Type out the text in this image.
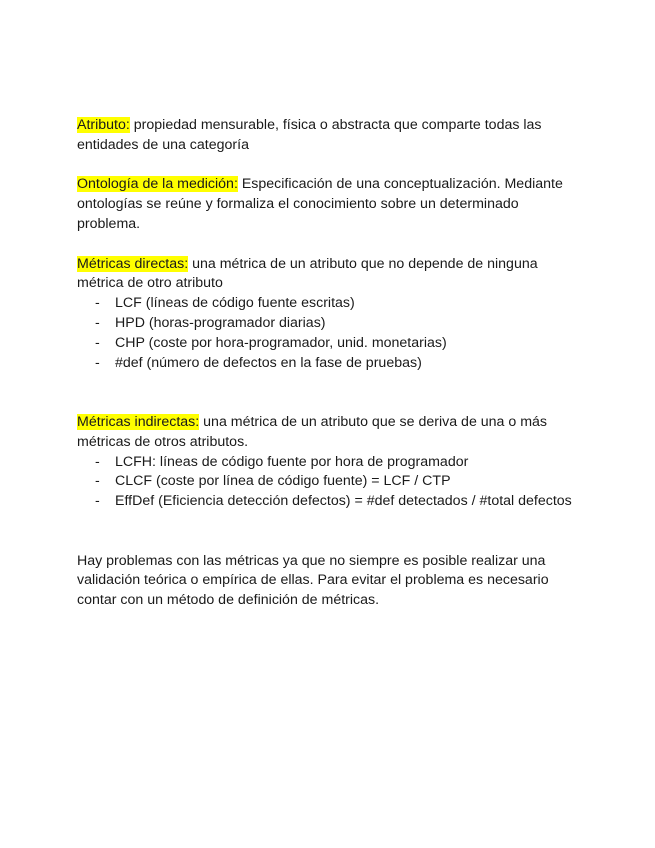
Atributo: propiedad mensurable, física o abstracta que comparte todas las entidades de una categoría

Ontología de la medición: Especificación de una conceptualización. Mediante ontologías se reúne y formaliza el conocimiento sobre un determinado problema.

Métricas directas: una métrica de un atributo que no depende de ninguna métrica de otro atributo

- LCF (líneas de código fuente escritas)
- HPD (horas-programador diarias)
- CHP (coste por hora-programador, unid. monetarias)
- #def (número de defectos en la fase de pruebas)

Métricas indirectas: una métrica de un atributo que se deriva de una o más métricas de otros atributos.

- LCFH: líneas de código fuente por hora de programador
- CLCF (coste por línea de código fuente) = LCF / CTP
- EffDef (Eficiencia detección defectos) = #def detectados / #total defectos

Hay problemas con las métricas ya que no siempre es posible realizar una validación teórica o empírica de ellas. Para evitar el problema es necesario contar con un método de definición de métricas.
